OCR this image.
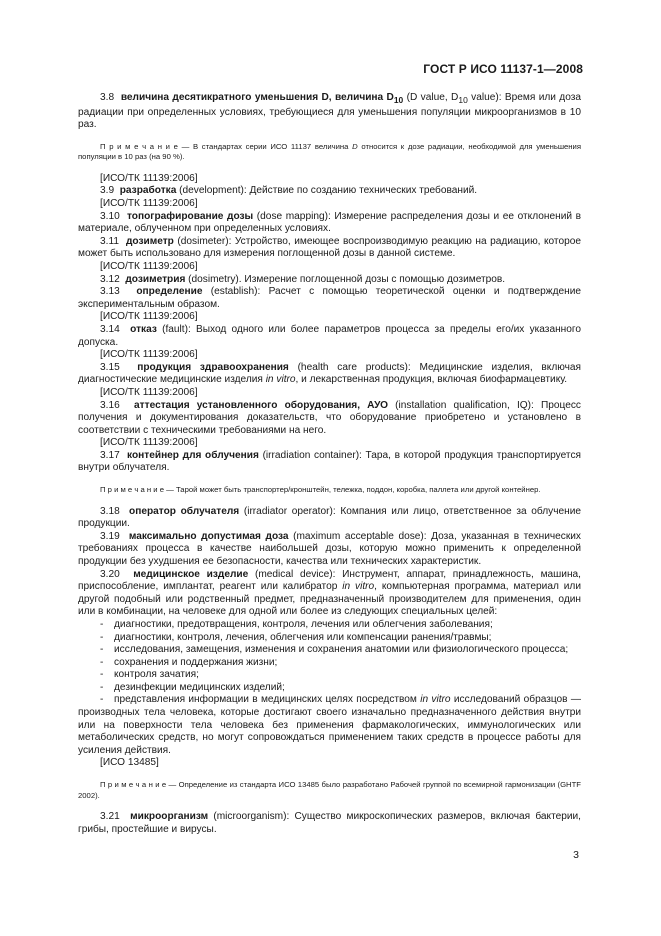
ГОСТ Р ИСО 11137-1—2008

3.8 величина десятикратного уменьшения D, величина $D_{10}$ (D value, $D_{10}$ value): Время или доза радиации при определенных условиях, требующиеся для уменьшения популяции микроорганизмов в 10 раз.

П р и м е ч а н и е — В стандартах серии ИСО 11137 величина D относится к дозе радиации, необходимой для уменьшения популяции в 10 раз (на 90 %).

[ИСО/ТК 11139:2006]

3.9 разработка (development): Действие по созданию технических требований.

[ИСО/ТК 11139:2006]

3.10 топографирование дозы (dose mapping): Измерение распределения дозы и ее отклонений в материале, облученном при определенных условиях.

3.11 дозиметр (dosimeter): Устройство, имеющее воспроизводимую реакцию на радиацию, которое может быть использовано для измерения поглощенной дозы в данной системе.

[ИСО/ТК 11139:2006]

3.12 дозиметрия (dosimetry). Измерение поглощенной дозы с помощью дозиметров.

3.13 определение (establish): Расчет с помощью теоретической оценки и подтверждение экспериментальным образом.

[ИСО/ТК 11139:2006]

3.14 отказ (fault): Выход одного или более параметров процесса за пределы его/их указанного допуска.

[ИСО/ТК 11139:2006]

3.15 продукция здравоохранения (health care products): Медицинские изделия, включая диагностические медицинские изделия in vitro, и лекарственная продукция, включая биофармацевтику.

[ИСО/ТК 11139:2006]

3.16 аттестация установленного оборудования, АУО (installation qualification, IQ): Процесс получения и документирования доказательств, что оборудование приобретено и установлено в соответствии с техническими требованиями на него.

[ИСО/ТК 11139:2006]

3.17 контейнер для облучения (irradiation container): Тара, в которой продукция транспортируется внутри облучателя.

П р и м е ч а н и е — Тарой может быть транспортер/кронштейн, тележка, поддон, коробка, паллета или другой контейнер.

3.18 оператор облучателя (irradiator operator): Компания или лицо, ответственное за облучение продукции.

3.19 максимально допустимая доза (maximum acceptable dose): Доза, указанная в технических требованиях процесса в качестве наибольшей дозы, которую можно применить к определенной продукции без ухудшения ее безопасности, качества или технических характеристик.

3.20 медицинское изделие (medical device): Инструмент, аппарат, принадлежность, машина, приспособление, имплантат, реагент или калибратор in vitro, компьютерная программа, материал или другой подобный или родственный предмет, предназначенный производителем для применения, один или в комбинации, на человеке для одной или более из следующих специальных целей:

- диагностики, предотвращения, контроля, лечения или облегчения заболевания;

- диагностики, контроля, лечения, облегчения или компенсации ранения/травмы;

- исследования, замещения, изменения и сохранения анатомии или физиологического процесса;

- сохранения и поддержания жизни;

- контроля зачатия;

- дезинфекции медицинских изделий;

- представления информации в медицинских целях посредством in vitro исследований образцов — производных тела человека, которые достигают своего изначально предназначенного действия внутри или на поверхности тела человека без применения фармакологических, иммунологических или метаболических средств, но могут сопровождаться применением таких средств в процессе работы для усиления действия.

[ИСО 13485]

П р и м е ч а н и е — Определение из стандарта ИСО 13485 было разработано Рабочей группой по всемирной гармонизации (GHTF 2002).

3.21 микроорганизм (microorganism): Существо микроскопических размеров, включая бактерии, грибы, простейшие и вирусы.

3
